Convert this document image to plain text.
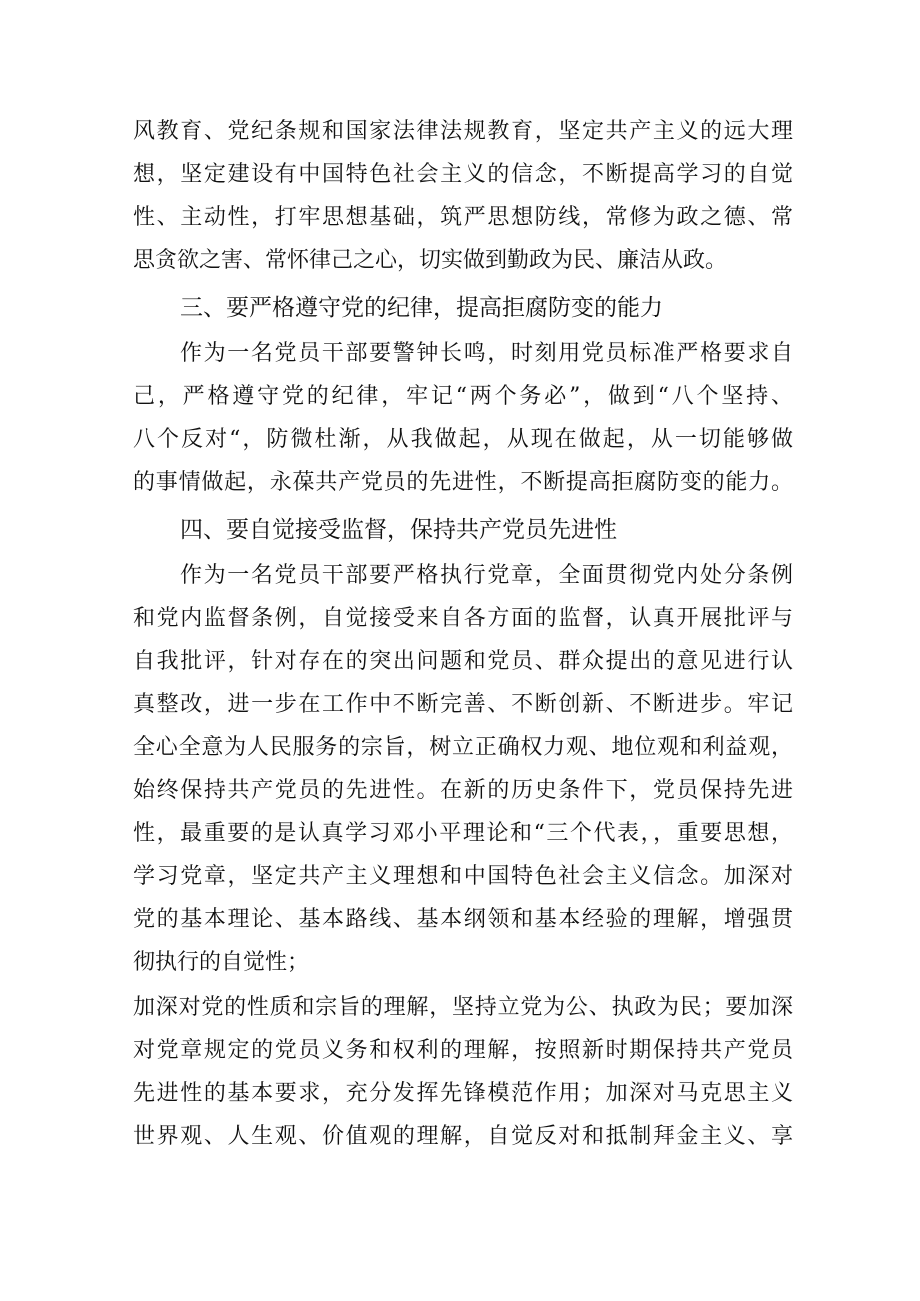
风教育、党纪条规和国家法律法规教育，坚定共产主义的远大理
想，坚定建设有中国特色社会主义的信念，不断提高学习的自觉
性、主动性，打牢思想基础，筑严思想防线，常修为政之德、常
思贪欲之害、常怀律己之心，切实做到勤政为民、廉洁从政。
三、要严格遵守党的纪律，提高拒腐防变的能力
作为一名党员干部要警钟长鸣，时刻用党员标准严格要求自
己，严格遵守党的纪律，牢记“两个务必”，做到“八个坚持、
八个反对“，防微杜渐，从我做起，从现在做起，从一切能够做
的事情做起，永葆共产党员的先进性，不断提高拒腐防变的能力。
四、要自觉接受监督，保持共产党员先进性
作为一名党员干部要严格执行党章，全面贯彻党内处分条例
和党内监督条例，自觉接受来自各方面的监督，认真开展批评与
自我批评，针对存在的突出问题和党员、群众提出的意见进行认
真整改，进一步在工作中不断完善、不断创新、不断进步。牢记
全心全意为人民服务的宗旨，树立正确权力观、地位观和利益观，
始终保持共产党员的先进性。在新的历史条件下，党员保持先进
性，最重要的是认真学习邓小平理论和“三个代表，，重要思想，
学习党章，坚定共产主义理想和中国特色社会主义信念。加深对
党的基本理论、基本路线、基本纲领和基本经验的理解，增强贯
彻执行的自觉性；
加深对党的性质和宗旨的理解，坚持立党为公、执政为民；要加深
对党章规定的党员义务和权利的理解，按照新时期保持共产党员
先进性的基本要求，充分发挥先锋模范作用；加深对马克思主义
世界观、人生观、价值观的理解，自觉反对和抵制拜金主义、享
